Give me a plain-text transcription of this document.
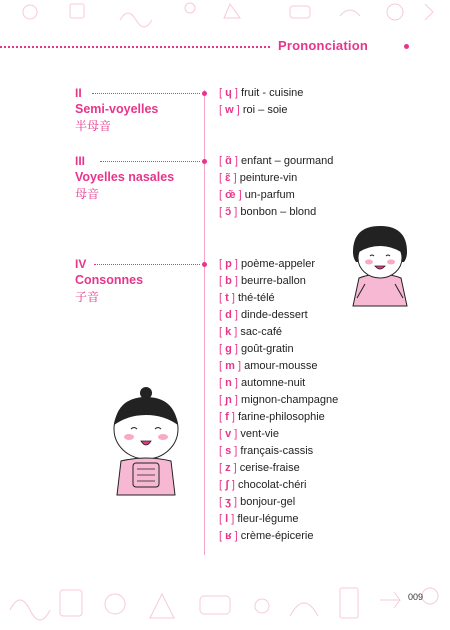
Prononciation
II
Semi-voyelles
半母音
[ ɥ ] fruit - cuisine
[ w ] roi – soie
III
Voyelles nasales
母音
[ ɑ̃ ] enfant – gourmand
[ ɛ̃ ] peinture-vin
[ œ̃ ] un-parfum
[ ɔ̃ ] bonbon – blond
IV
Consonnes
子音
[ p ] poème-appeler
[ b ] beurre-ballon
[ t ] thé-télé
[ d ] dinde-dessert
[ k ] sac-café
[ g ] goût-gratin
[ m ] amour-mousse
[ n ] automne-nuit
[ ɲ ] mignon-champagne
[ f ] farine-philosophie
[ v ] vent-vie
[ s ] français-cassis
[ z ] cerise-fraise
[ ʃ ] chocolat-chéri
[ ʒ ] bonjour-gel
[ l ] fleur-légume
[ ʁ ] crème-épicerie
009
